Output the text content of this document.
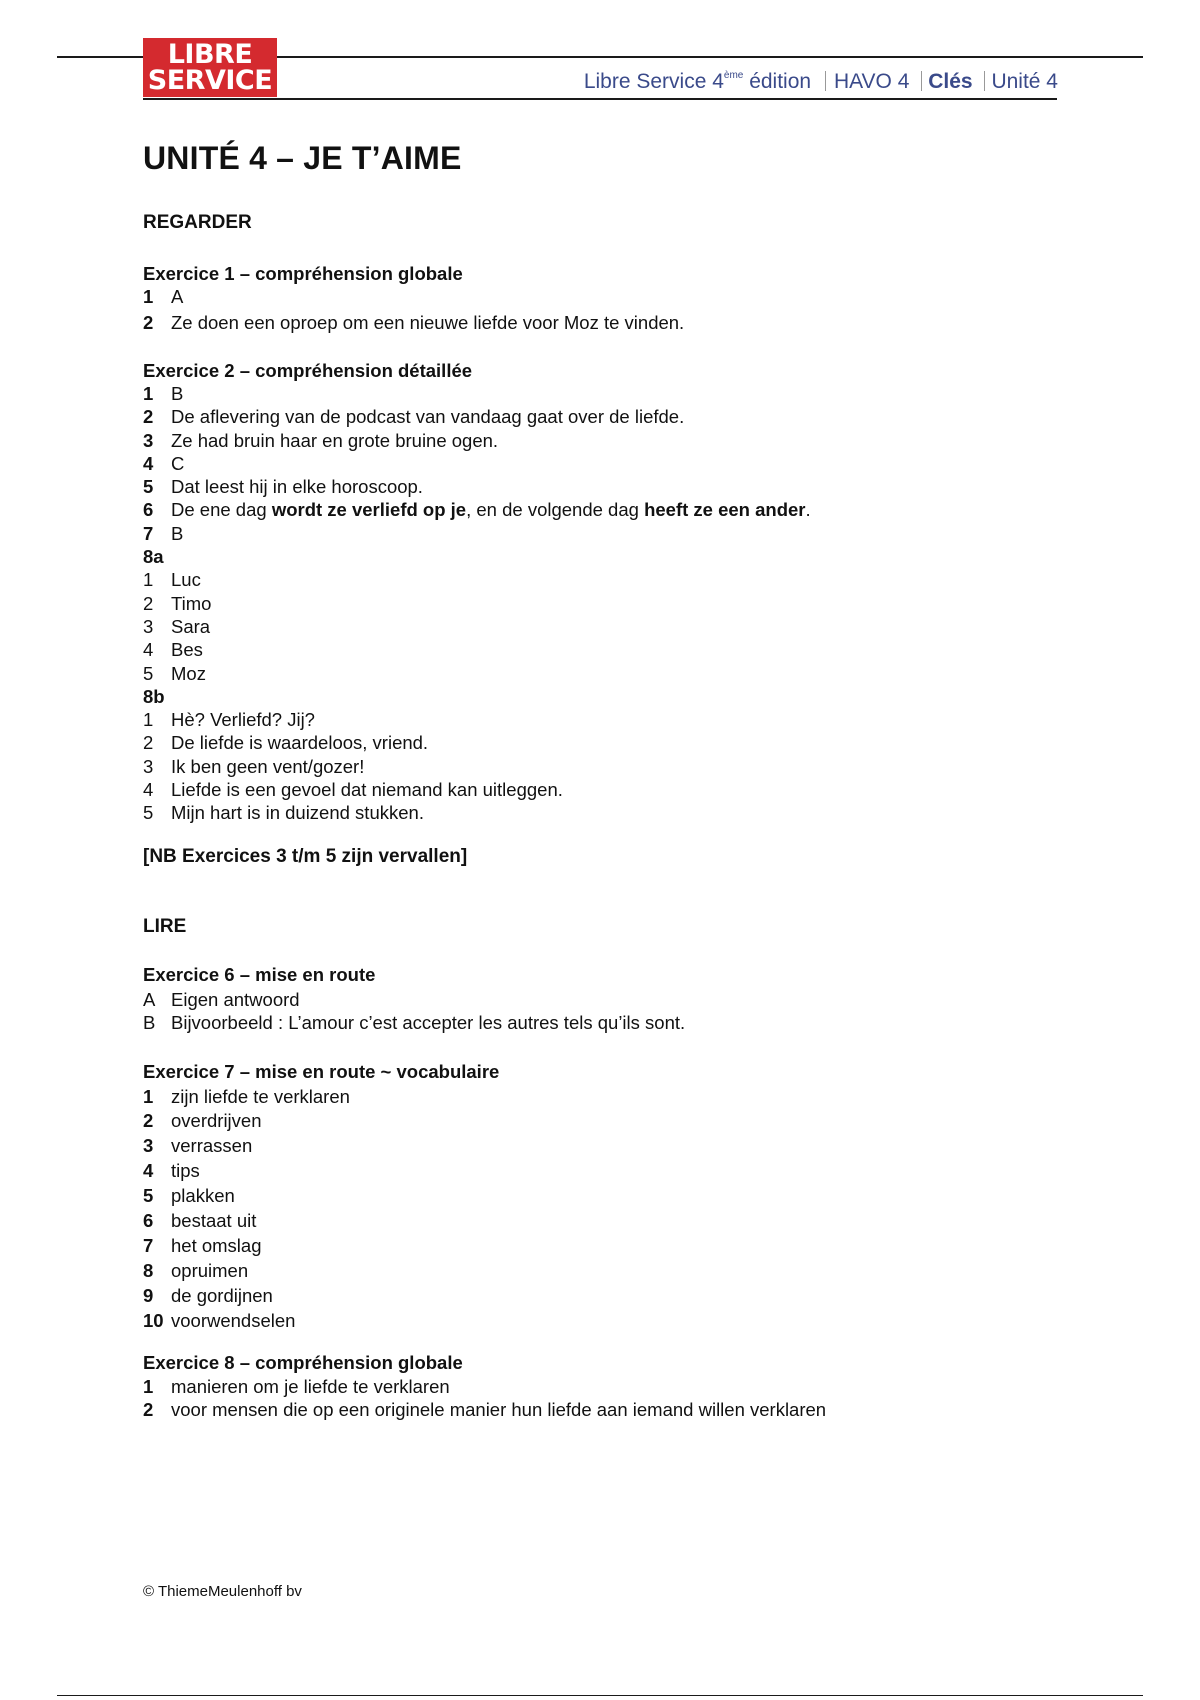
LIBRE
SERVICE	Libre Service 4ème édition HAVO 4 Clés Unité 4
UNITÉ 4 – JE T’AIME
REGARDER
Exercice 1 – compréhension globale
1 A
2 Ze doen een oproep om een nieuwe liefde voor Moz te vinden.
Exercice 2 – compréhension détaillée
1 B
2 De aflevering van de podcast van vandaag gaat over de liefde.
3 Ze had bruin haar en grote bruine ogen.
4 C
5 Dat leest hij in elke horoscoop.
6 De ene dag wordt ze verliefd op je, en de volgende dag heeft ze een ander.
7 B
8a
1 Luc
2 Timo
3 Sara
4 Bes
5 Moz
8b
1 Hè? Verliefd? Jij?
2 De liefde is waardeloos, vriend.
3 Ik ben geen vent/gozer!
4 Liefde is een gevoel dat niemand kan uitleggen.
5 Mijn hart is in duizend stukken.
[NB Exercices 3 t/m 5 zijn vervallen]
LIRE
Exercice 6 – mise en route
A Eigen antwoord
B Bijvoorbeeld : L’amour c’est accepter les autres tels qu’ils sont.
Exercice 7 – mise en route ~ vocabulaire
1 zijn liefde te verklaren
2 overdrijven
3 verrassen
4 tips
5 plakken
6 bestaat uit
7 het omslag
8 opruimen
9 de gordijnen
10 voorwendselen
Exercice 8 – compréhension globale
1 manieren om je liefde te verklaren
2 voor mensen die op een originele manier hun liefde aan iemand willen verklaren
© ThiemeMeulenhoff bv
